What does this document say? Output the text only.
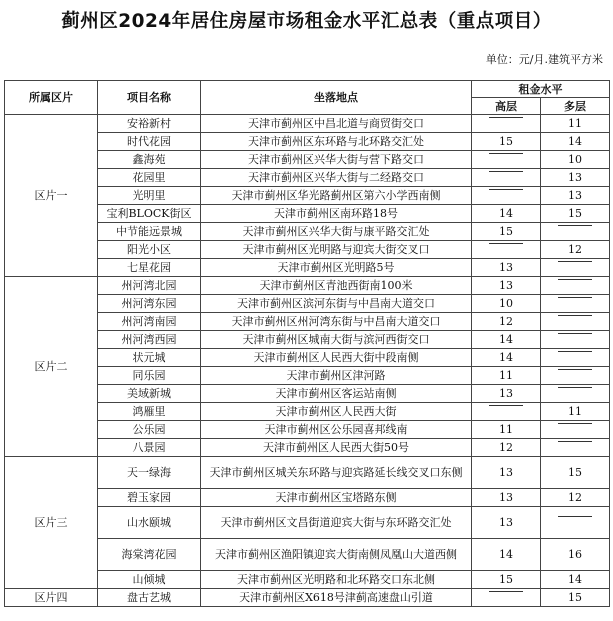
蓟州区2024年居住房屋市场租金水平汇总表（重点项目）
单位：元/月.建筑平方米
所属区片	项目名称	坐落地点	租金水平	
			高层	多层
区片一	安裕新村	天津市蓟州区中昌北道与商贸街交口		11
	时代花园	天津市蓟州区东环路与北环路交汇处	15	14
	鑫海苑	天津市蓟州区兴华大街与营下路交口		10
	花园里	天津市蓟州区兴华大街与二经路交口		13
	光明里	天津市蓟州区华光路蓟州区第六小学西南侧		13
	宝利BLOCK街区	天津市蓟州区南环路18号	14	15
	中节能远景城	天津市蓟州区兴华大街与康平路交汇处	15	
	阳光小区	天津市蓟州区光明路与迎宾大街交叉口		12
	七星花园	天津市蓟州区光明路5号	13	
区片二	州河湾北园	天津市蓟州区青池西街南100米	13	
	州河湾东园	天津市蓟州区滨河东街与中昌南大道交口	10	
	州河湾南园	天津市蓟州区州河湾东街与中昌南大道交口	12	
	州河湾西园	天津市蓟州区城南大街与滨河西街交口	14	
	状元城	天津市蓟州区人民西大街中段南侧	14	
	同乐园	天津市蓟州区津河路	11	
	美域新城	天津市蓟州区客运站南侧	13	
	鸿雁里	天津市蓟州区人民西大街		11
	公乐园	天津市蓟州区公乐园喜邦线南	11	
	八景园	天津市蓟州区人民西大街50号	12	
区片三	天一绿海	天津市蓟州区城关东环路与迎宾路延长线交叉口东侧	13	15
	碧玉家园	天津市蓟州区宝塔路东侧	13	12
	山水颐城	天津市蓟州区文昌街道迎宾大街与东环路交汇处	13	
	海棠湾花园	天津市蓟州区渔阳镇迎宾大街南侧凤凰山大道西侧	14	16
	山倾城	天津市蓟州区光明路和北环路交口东北侧	15	14
区片四	盘古艺城	天津市蓟州区X618号津蓟高速盘山引道		15
